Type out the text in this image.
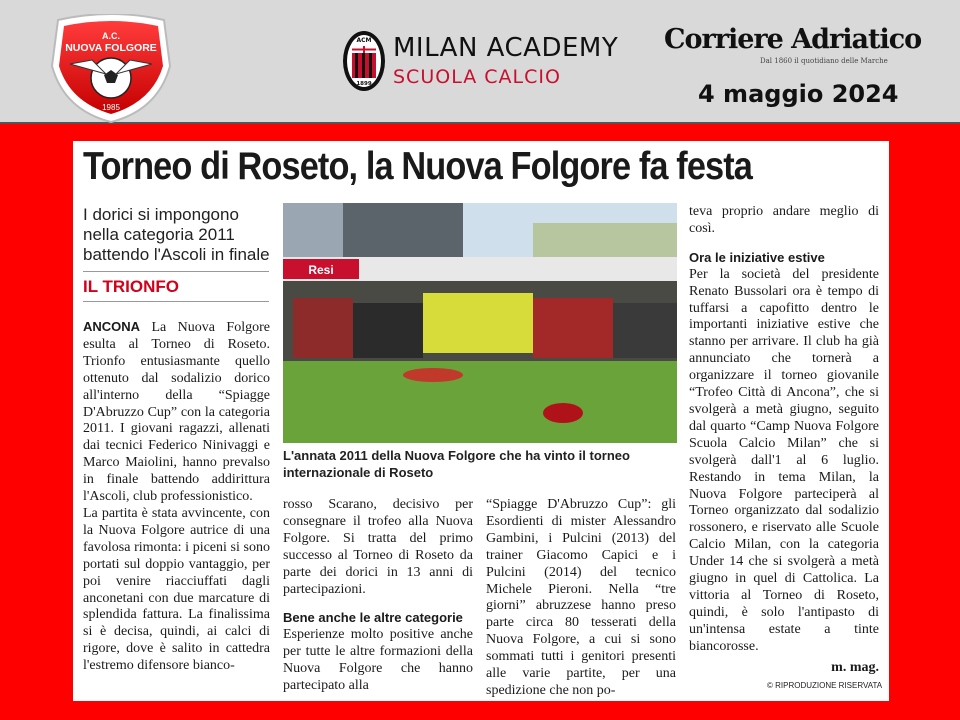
A.C.
NUOVA FOLGORE
1985
ACM
1899
MILAN ACADEMY
SCUOLA CALCIO
Corriere Adriatico
Dal 1860 il quotidiano delle Marche
4 maggio 2024
Torneo di Roseto, la Nuova Folgore fa festa
I dorici si impongono nella categoria 2011 battendo l'Ascoli in finale
IL TRIONFO

ANCONA La Nuova Folgore esulta al Torneo di Roseto. Trionfo entusiasmante quello ottenuto dal sodalizio dorico all'interno della “Spiagge D'Abruzzo Cup” con la categoria 2011. I giovani ragazzi, allenati dai tecnici Federico Ninivaggi e Marco Maiolini, hanno prevalso in finale battendo addirittura l'Ascoli, club professionistico.

La partita è stata avvincente, con la Nuova Folgore autrice di una favolosa rimonta: i piceni si sono portati sul doppio vantaggio, per poi venire riacciuffati dagli anconetani con due marcature di splendida fattura. La finalissima si è decisa, quindi, ai calci di rigore, dove è salito in cattedra l'estremo difensore bianco-

Resi
L'annata 2011 della Nuova Folgore che ha vinto il torneo internazionale di Roseto

rosso Scarano, decisivo per consegnare il trofeo alla Nuova Folgore. Si tratta del primo successo al Torneo di Roseto da parte dei dorici in 13 anni di partecipazioni.

Bene anche le altre categorie

Esperienze molto positive anche per tutte le altre formazioni della Nuova Folgore che hanno partecipato alla

“Spiagge D'Abruzzo Cup”: gli Esordienti di mister Alessandro Gambini, i Pulcini (2013) del trainer Giacomo Capici e i Pulcini (2014) del tecnico Michele Pieroni. Nella “tre giorni” abruzzese hanno preso parte circa 80 tesserati della Nuova Folgore, a cui si sono sommati tutti i genitori presenti alle varie partite, per una spedizione che non po-

teva proprio andare meglio di così.

Ora le iniziative estive

Per la società del presidente Renato Bussolari ora è tempo di tuffarsi a capofitto dentro le importanti iniziative estive che stanno per arrivare. Il club ha già annunciato che tornerà a organizzare il torneo giovanile “Trofeo Città di Ancona”, che si svolgerà a metà giugno, seguito dal quarto “Camp Nuova Folgore Scuola Calcio Milan” che si svolgerà dall'1 al 6 luglio. Restando in tema Milan, la Nuova Folgore parteciperà al Torneo organizzato dal sodalizio rossonero, e riservato alle Scuole Calcio Milan, con la categoria Under 14 che si svolgerà a metà giugno in quel di Cattolica. La vittoria al Torneo di Roseto, quindi, è solo l'antipasto di un'intensa estate a tinte biancorosse.

m. mag.

© RIPRODUZIONE RISERVATA
